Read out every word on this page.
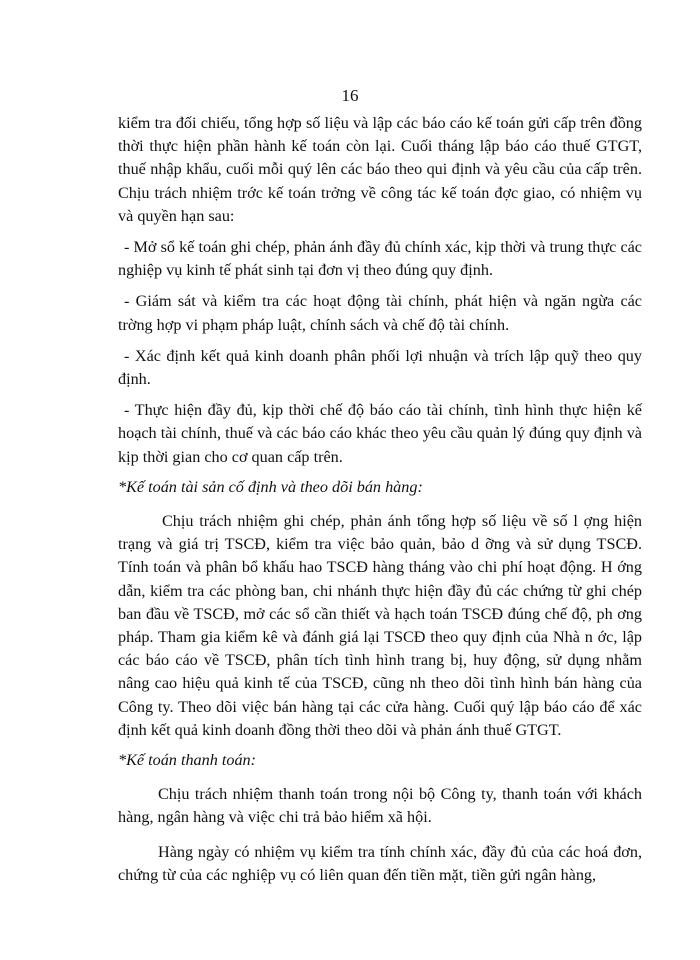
16

kiểm tra đối chiếu, tổng hợp số liệu và lập các báo cáo kế toán gửi cấp trên đồng thời thực hiện phần hành kế toán còn lại. Cuối tháng lập báo cáo thuế GTGT, thuế nhập khẩu, cuối mỗi quý lên các báo theo qui định và yêu cầu của cấp trên. Chịu trách nhiệm trớc kế toán trởng về công tác kế toán đợc giao, có nhiệm vụ và quyền hạn sau:

- Mở sổ kế toán ghi chép, phản ánh đầy đủ chính xác, kịp thời và trung thực các nghiệp vụ kinh tế phát sinh tại đơn vị theo đúng quy định.

- Giám sát và kiểm tra các hoạt động tài chính, phát hiện và ngăn ngừa các trờng hợp vi phạm pháp luật, chính sách và chế độ tài chính.

- Xác định kết quả kinh doanh phân phối lợi nhuận và trích lập quỹ theo quy định.

- Thực hiện đầy đủ, kịp thời chế độ báo cáo tài chính, tình hình thực hiện kế hoạch tài chính, thuế và các báo cáo khác theo yêu cầu quản lý đúng quy định và kịp thời gian cho cơ quan cấp trên.

*Kế toán tài sản cố định và theo dõi bán hàng:

Chịu trách nhiệm ghi chép, phản ánh tổng hợp số liệu về số l ợng hiện trạng và giá trị TSCĐ, kiểm tra việc bảo quản, bảo d ỡng và sử dụng TSCĐ. Tính toán và phân bổ khấu hao TSCĐ hàng tháng vào chi phí hoạt động. H ớng dẫn, kiểm tra các phòng ban, chi nhánh thực hiện đầy đủ các chứng từ ghi chép ban đầu về TSCĐ, mở các sổ cần thiết và hạch toán TSCĐ đúng chế độ, ph ơng pháp. Tham gia kiểm kê và đánh giá lại TSCĐ theo quy định của Nhà n ớc, lập các báo cáo về TSCĐ, phân tích tình hình trang bị, huy động, sử dụng nhằm nâng cao hiệu quả kinh tế của TSCĐ, cũng nh theo dõi tình hình bán hàng của Công ty. Theo dõi việc bán hàng tại các cửa hàng. Cuối quý lập báo cáo để xác định kết quả kinh doanh đồng thời theo dõi và phản ánh thuế GTGT.

*Kế toán thanh toán:

Chịu trách nhiệm thanh toán trong nội bộ Công ty, thanh toán với khách hàng, ngân hàng và việc chi trả bảo hiểm xã hội.

Hàng ngày có nhiệm vụ kiểm tra tính chính xác, đầy đủ của các hoá đơn, chứng từ của các nghiệp vụ có liên quan đến tiền mặt, tiền gửi ngân hàng,
